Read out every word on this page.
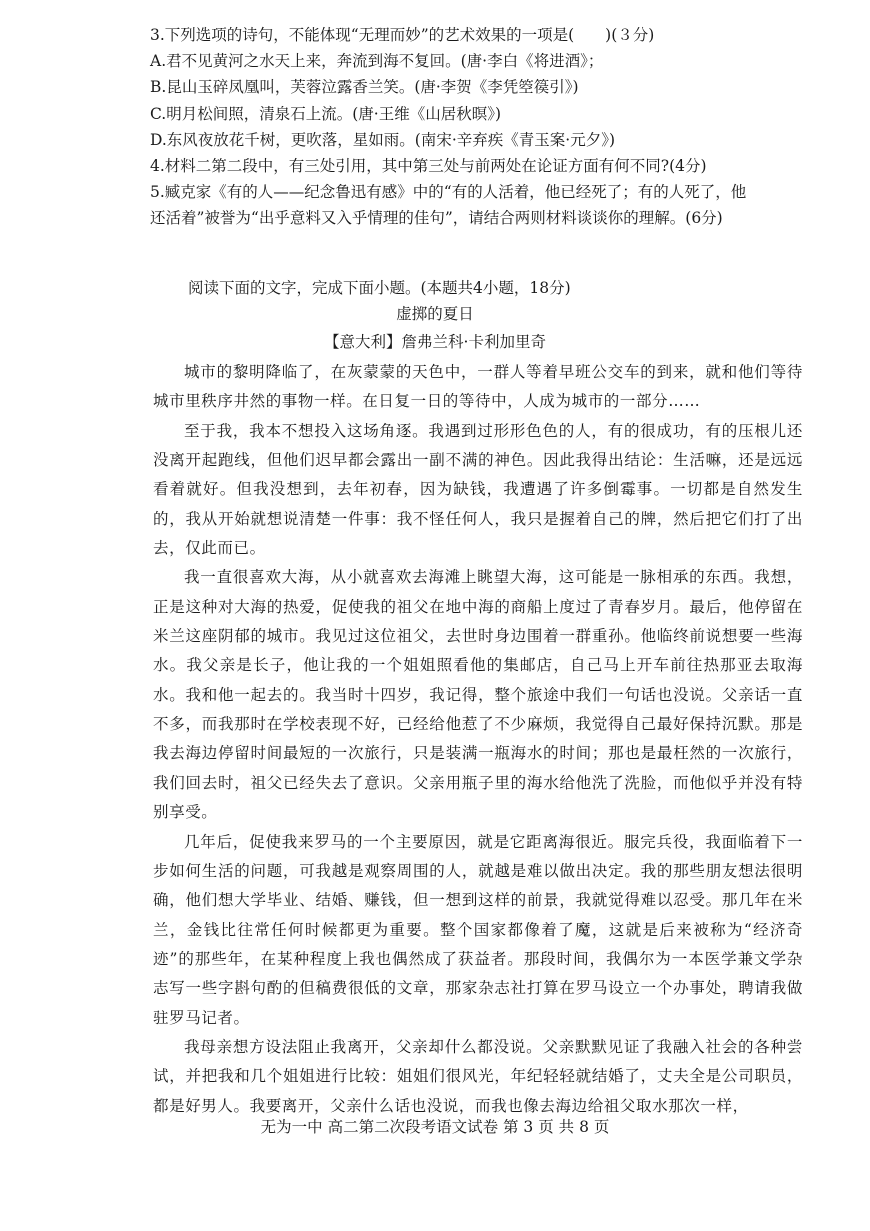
3.下列选项的诗句，不能体现“无理而妙”的艺术效果的一项是(　　)(３分)
A.君不见黄河之水天上来，奔流到海不复回。(唐·李白《将进酒》；
B.昆山玉碎凤凰叫，芙蓉泣露香兰笑。(唐·李贺《李凭箜篌引》)
C.明月松间照，清泉石上流。(唐·王维《山居秋暝》)
D.东风夜放花千树，更吹落，星如雨。(南宋·辛弃疾《青玉案·元夕》)
4.材料二第二段中，有三处引用，其中第三处与前两处在论证方面有何不同?(4分)
5.臧克家《有的人——纪念鲁迅有感》中的“有的人活着，他已经死了；有的人死了，他
还活着”被誉为“出乎意料又入乎情理的佳句”，请结合两则材料谈谈你的理解。(6分)
阅读下面的文字，完成下面小题。(本题共4小题，18分)
虚掷的夏日
【意大利】詹弗兰科·卡利加里奇

城市的黎明降临了，在灰蒙蒙的天色中，一群人等着早班公交车的到来，就和他们等待城市里秩序井然的事物一样。在日复一日的等待中，人成为城市的一部分……

至于我，我本不想投入这场角逐。我遇到过形形色色的人，有的很成功，有的压根儿还没离开起跑线，但他们迟早都会露出一副不满的神色。因此我得出结论：生活嘛，还是远远看着就好。但我没想到，去年初春，因为缺钱，我遭遇了许多倒霉事。一切都是自然发生的，我从开始就想说清楚一件事：我不怪任何人，我只是握着自己的牌，然后把它们打了出去，仅此而已。

我一直很喜欢大海，从小就喜欢去海滩上眺望大海，这可能是一脉相承的东西。我想，正是这种对大海的热爱，促使我的祖父在地中海的商船上度过了青春岁月。最后，他停留在米兰这座阴郁的城市。我见过这位祖父，去世时身边围着一群重孙。他临终前说想要一些海水。我父亲是长子，他让我的一个姐姐照看他的集邮店，自己马上开车前往热那亚去取海水。我和他一起去的。我当时十四岁，我记得，整个旅途中我们一句话也没说。父亲话一直不多，而我那时在学校表现不好，已经给他惹了不少麻烦，我觉得自己最好保持沉默。那是我去海边停留时间最短的一次旅行，只是装满一瓶海水的时间；那也是最枉然的一次旅行，我们回去时，祖父已经失去了意识。父亲用瓶子里的海水给他洗了洗脸，而他似乎并没有特别享受。

几年后，促使我来罗马的一个主要原因，就是它距离海很近。服完兵役，我面临着下一步如何生活的问题，可我越是观察周围的人，就越是难以做出决定。我的那些朋友想法很明确，他们想大学毕业、结婚、赚钱，但一想到这样的前景，我就觉得难以忍受。那几年在米兰，金钱比往常任何时候都更为重要。整个国家都像着了魔，这就是后来被称为“经济奇迹”的那些年，在某种程度上我也偶然成了获益者。那段时间，我偶尔为一本医学兼文学杂志写一些字斟句酌的但稿费很低的文章，那家杂志社打算在罗马设立一个办事处，聘请我做驻罗马记者。

我母亲想方设法阻止我离开，父亲却什么都没说。父亲默默见证了我融入社会的各种尝试，并把我和几个姐姐进行比较：姐姐们很风光，年纪轻轻就结婚了，丈夫全是公司职员，都是好男人。我要离开，父亲什么话也没说，而我也像去海边给祖父取水那次一样，

无为一中 高二第二次段考语文试卷 第 3 页 共 8 页
